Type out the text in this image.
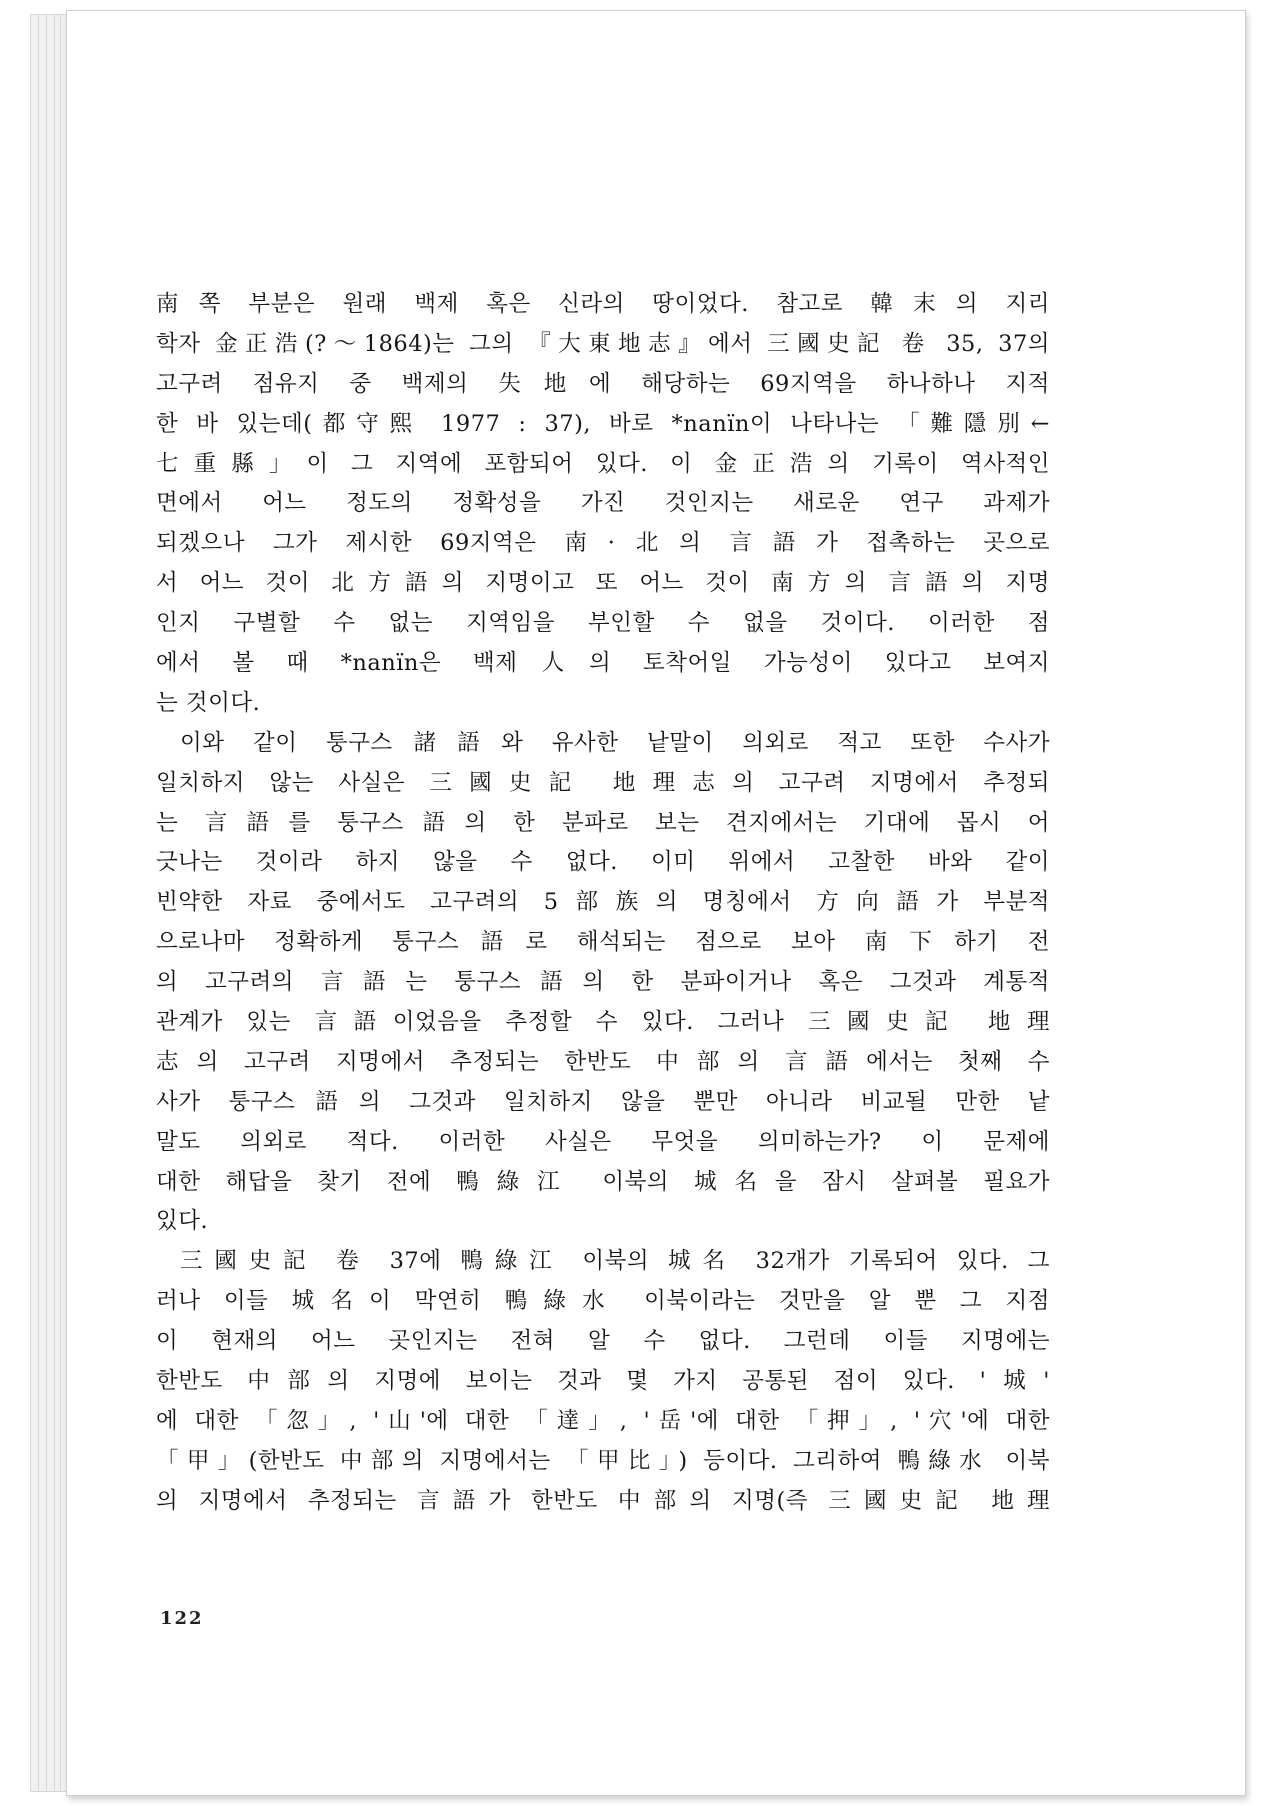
南쪽 부분은 원래 백제 혹은 신라의 땅이었다. 참고로 韓末의 지리
학자 金正浩(?～1864)는 그의 『大東地志』에서 三國史記 卷 35, 37의
고구려 점유지 중 백제의 失地에 해당하는 69지역을 하나하나 지적
한 바 있는데(都守熙 1977 : 37), 바로 *nanïn이 나타나는 「難隱別←
七重縣」이 그 지역에 포함되어 있다. 이 金正浩의 기록이 역사적인
면에서 어느 정도의 정확성을 가진 것인지는 새로운 연구 과제가
되겠으나 그가 제시한 69지역은 南·北의 言語가 접촉하는 곳으로
서 어느 것이 北方語의 지명이고 또 어느 것이 南方의 言語의 지명
인지 구별할 수 없는 지역임을 부인할 수 없을 것이다. 이러한 점
에서 볼 때 *nanïn은 백제人의 토착어일 가능성이 있다고 보여지
는 것이다.
이와 같이 퉁구스諸語와 유사한 낱말이 의외로 적고 또한 수사가
일치하지 않는 사실은 三國史記 地理志의 고구려 지명에서 추정되
는 言語를 퉁구스語의 한 분파로 보는 견지에서는 기대에 몹시 어
긋나는 것이라 하지 않을 수 없다. 이미 위에서 고찰한 바와 같이
빈약한 자료 중에서도 고구려의 5部族의 명칭에서 方向語가 부분적
으로나마 정확하게 퉁구스語로 해석되는 점으로 보아 南下하기 전
의 고구려의 言語는 퉁구스語의 한 분파이거나 혹은 그것과 계통적
관계가 있는 言語이었음을 추정할 수 있다. 그러나 三國史記 地理
志의 고구려 지명에서 추정되는 한반도 中部의 言語에서는 첫째 수
사가 퉁구스語의 그것과 일치하지 않을 뿐만 아니라 비교될 만한 낱
말도 의외로 적다. 이러한 사실은 무엇을 의미하는가? 이 문제에
대한 해답을 찾기 전에 鴨綠江 이북의 城名을 잠시 살펴볼 필요가
있다.
三國史記 卷 37에 鴨綠江 이북의 城名 32개가 기록되어 있다. 그
러나 이들 城名이 막연히 鴨綠水 이북이라는 것만을 알 뿐 그 지점
이 현재의 어느 곳인지는 전혀 알 수 없다. 그런데 이들 지명에는
한반도 中部의 지명에 보이는 것과 몇 가지 공통된 점이 있다. '城'
에 대한 「忽」, '山'에 대한 「達」, '岳'에 대한 「押」, '穴'에 대한
「甲」(한반도 中部의 지명에서는 「甲比」) 등이다. 그리하여 鴨綠水 이북
의 지명에서 추정되는 言語가 한반도 中部의 지명(즉 三國史記 地理
122
